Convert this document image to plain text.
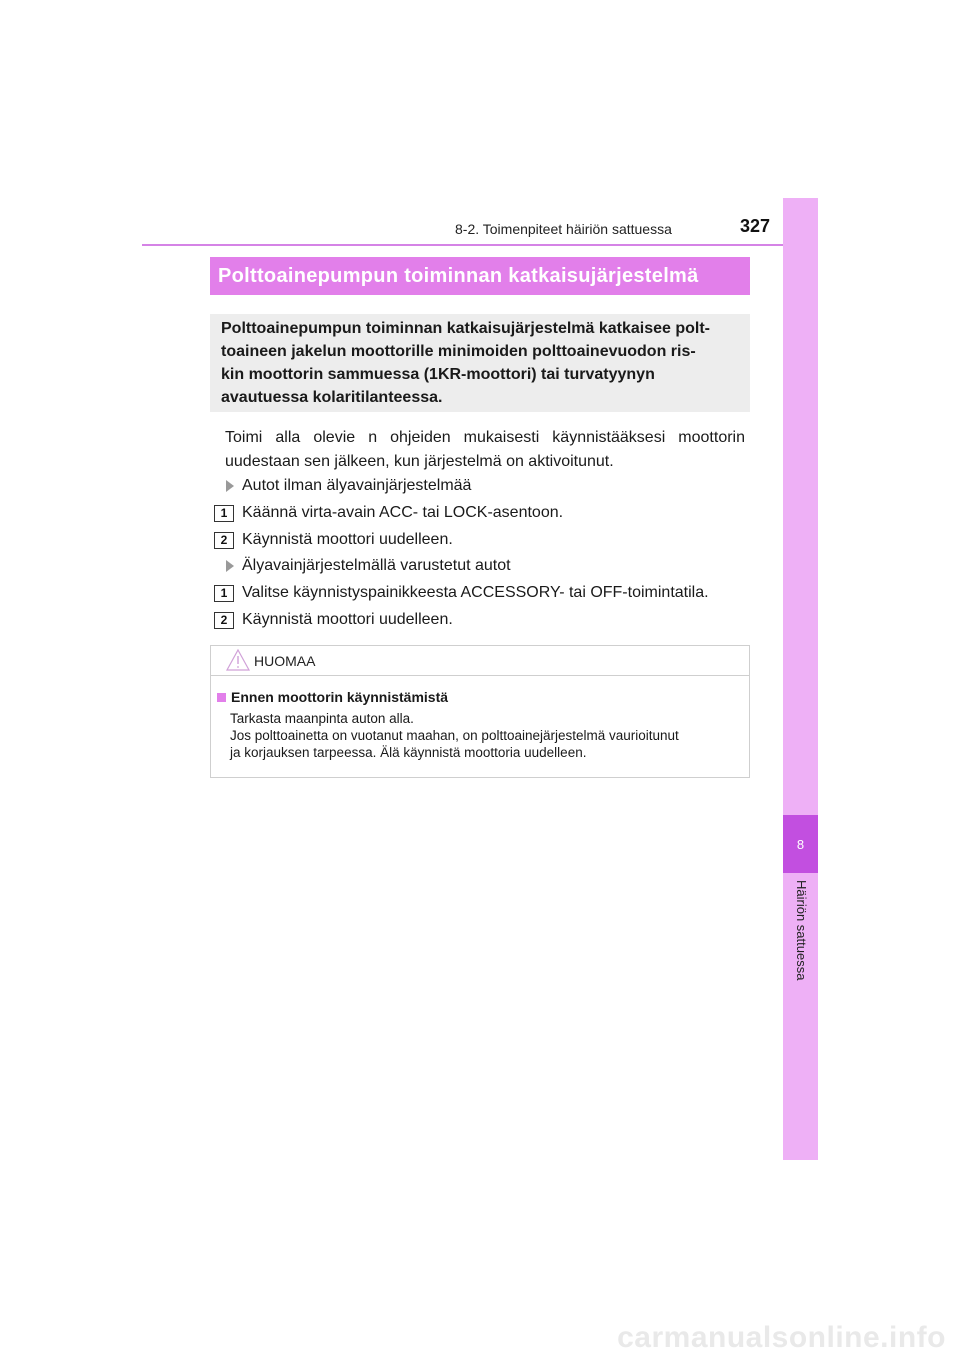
8-2. Toimenpiteet häiriön sattuessa	327
8
Häiriön sattuessa
Polttoainepumpun toiminnan katkaisujärjestelmä

Polttoainepumpun toiminnan katkaisujärjestelmä katkaisee polt-

toaineen jakelun moottorille minimoiden polttoainevuodon ris-

kin moottorin sammuessa (1KR-moottori) tai turvatyynyn

avautuessa kolaritilanteessa.

Toimi alla olevie n ohjeiden mukaisesti käynnistääksesi moottorin uudestaan sen jälkeen, kun järjestelmä on aktivoitunut.

Autot ilman älyavainjärjestelmää
1 Käännä virta-avain ACC- tai LOCK-asentoon.
2 Käynnistä moottori uudelleen.
Älyavainjärjestelmällä varustetut autot
1 Valitse käynnistyspainikkeesta ACCESSORY- tai OFF-toimintatila.
2 Käynnistä moottori uudelleen.
HUOMAA
Ennen moottorin käynnistämistä
Tarkasta maanpinta auton alla.
Jos polttoainetta on vuotanut maahan, on polttoainejärjestelmä vaurioitunut
ja korjauksen tarpeessa. Älä käynnistä moottoria uudelleen.
carmanualsonline.info
